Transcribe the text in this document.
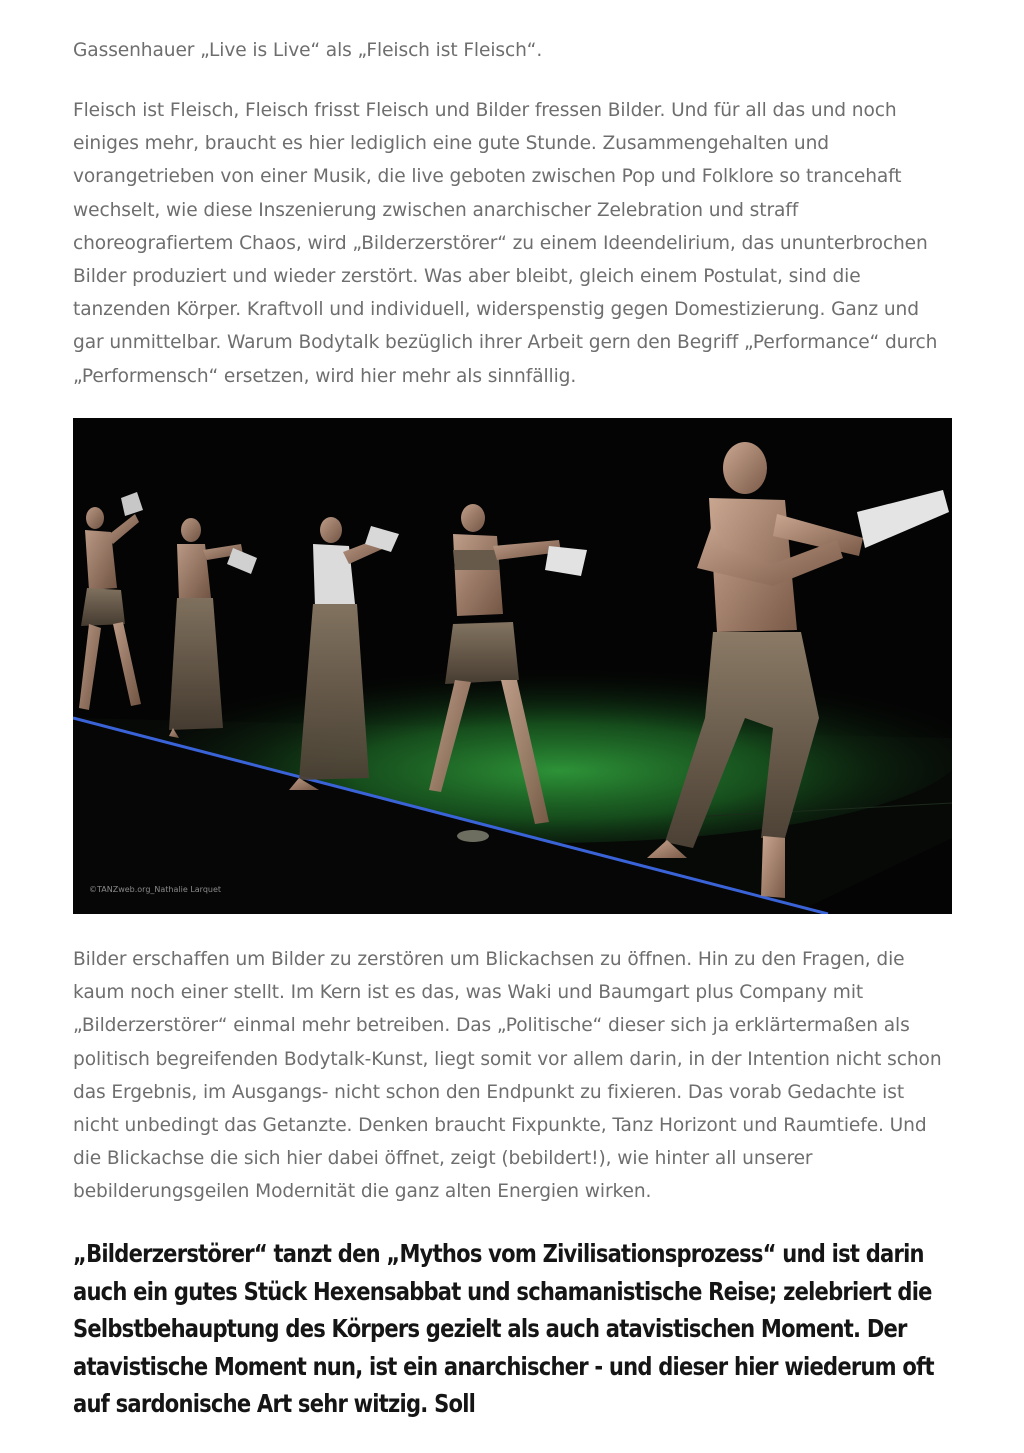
Gassenhauer „Live is Live“ als „Fleisch ist Fleisch“.

Fleisch ist Fleisch, Fleisch frisst Fleisch und Bilder fressen Bilder. Und für all das und noch einiges mehr, braucht es hier lediglich eine gute Stunde. Zusammengehalten und vorangetrieben von einer Musik, die live geboten zwischen Pop und Folklore so trancehaft wechselt, wie diese Inszenierung zwischen anarchischer Zelebration und straff choreografiertem Chaos, wird „Bilderzerstörer“ zu einem Ideendelirium, das ununterbrochen Bilder produziert und wieder zerstört. Was aber bleibt, gleich einem Postulat, sind die tanzenden Körper. Kraftvoll und individuell, widerspenstig gegen Domestizierung. Ganz und gar unmittelbar. Warum Bodytalk bezüglich ihrer Arbeit gern den Begriff „Performance“ durch „Performensch“ ersetzen, wird hier mehr als sinnfällig.

©TANZweb.org_Nathalie Larquet

Bilder erschaffen um Bilder zu zerstören um Blickachsen zu öffnen. Hin zu den Fragen, die kaum noch einer stellt. Im Kern ist es das, was Waki und Baumgart plus Company mit „Bilderzerstörer“ einmal mehr betreiben. Das „Politische“ dieser sich ja erklärtermaßen als politisch begreifenden Bodytalk-Kunst, liegt somit vor allem darin, in der Intention nicht schon das Ergebnis, im Ausgangs- nicht schon den Endpunkt zu fixieren. Das vorab Gedachte ist nicht unbedingt das Getanzte. Denken braucht Fixpunkte, Tanz Horizont und Raumtiefe. Und die Blickachse die sich hier dabei öffnet, zeigt (bebildert!), wie hinter all unserer bebilderungsgeilen Modernität die ganz alten Energien wirken.

„Bilderzerstörer“ tanzt den „Mythos vom Zivilisationsprozess“ und ist darin auch ein gutes Stück Hexensabbat und schamanistische Reise; zelebriert die Selbstbehauptung des Körpers gezielt als auch atavistischen Moment. Der atavistische Moment nun, ist ein anarchischer - und dieser hier wiederum oft auf sardonische Art sehr witzig. Soll
